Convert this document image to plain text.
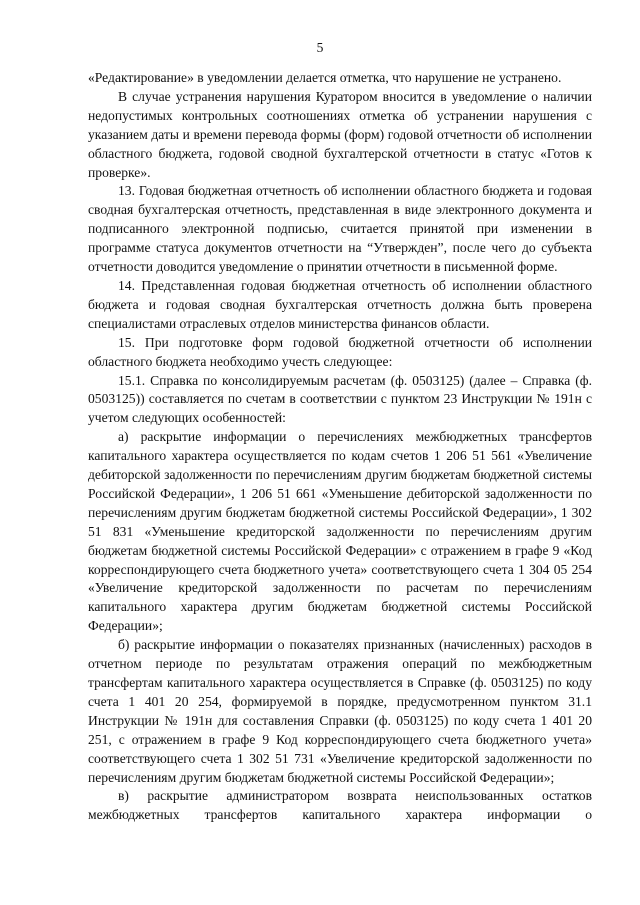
5

«Редактирование» в уведомлении делается отметка, что нарушение не устранено.

В случае устранения нарушения Куратором вносится в уведомление о наличии недопустимых контрольных соотношениях отметка об устранении нарушения с указанием даты и времени перевода формы (форм) годовой отчетности об исполнении областного бюджета, годовой сводной бухгалтерской отчетности в статус «Готов к проверке».

13. Годовая бюджетная отчетность об исполнении областного бюджета и годовая сводная бухгалтерская отчетность, представленная в виде электронного документа и подписанного электронной подписью, считается принятой при изменении в программе статуса документов отчетности на “Утвержден”, после чего до субъекта отчетности доводится уведомление о принятии отчетности в письменной форме.

14. Представленная годовая бюджетная отчетность об исполнении областного бюджета и годовая сводная бухгалтерская отчетность должна быть проверена специалистами отраслевых отделов министерства финансов области.

15. При подготовке форм годовой бюджетной отчетности об исполнении областного бюджета необходимо учесть следующее:

15.1. Справка по консолидируемым расчетам (ф. 0503125) (далее – Справка (ф. 0503125)) составляется по счетам в соответствии с пунктом 23 Инструкции № 191н с учетом следующих особенностей:

а) раскрытие информации о перечислениях межбюджетных трансфертов капитального характера осуществляется по кодам счетов 1 206 51 561 «Увеличение дебиторской задолженности по перечислениям другим бюджетам бюджетной системы Российской Федерации», 1 206 51 661 «Уменьшение дебиторской задолженности по перечислениям другим бюджетам бюджетной системы Российской Федерации», 1 302 51 831 «Уменьшение кредиторской задолженности по перечислениям другим бюджетам бюджетной системы Российской Федерации» с отражением в графе 9 «Код корреспондирующего счета бюджетного учета» соответствующего счета 1 304 05 254 «Увеличение кредиторской задолженности по расчетам по перечислениям капитального характера другим бюджетам бюджетной системы Российской Федерации»;

б) раскрытие информации о показателях признанных (начисленных) расходов в отчетном периоде по результатам отражения операций по межбюджетным трансфертам капитального характера осуществляется в Справке (ф. 0503125) по коду счета 1 401 20 254, формируемой в порядке, предусмотренном пунктом 31.1 Инструкции № 191н для составления Справки (ф. 0503125) по коду счета 1 401 20 251, с отражением в графе 9 Код корреспондирующего счета бюджетного учета» соответствующего счета 1 302 51 731 «Увеличение кредиторской задолженности по перечислениям другим бюджетам бюджетной системы Российской Федерации»;

в) раскрытие администратором возврата неиспользованных остатков межбюджетных трансфертов капитального характера информации о
